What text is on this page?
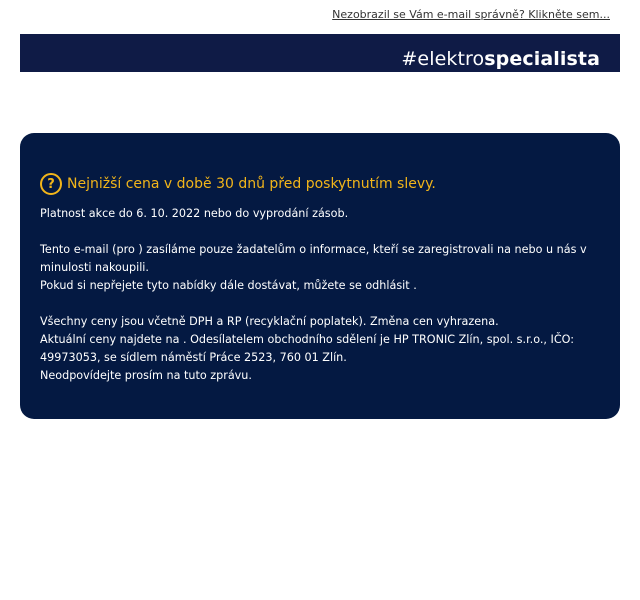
Nezobrazil se Vám e-mail správně? Klikněte sem...
#elektrospecialista
? Nejnižší cena v době 30 dnů před poskytnutím slevy.

Platnost akce do 6. 10. 2022 nebo do vyprodání zásob.

Tento e-mail (pro ) zasíláme pouze žadatelům o informace, kteří se zaregistrovali na nebo u nás v

minulosti nakoupili.

Pokud si nepřejete tyto nabídky dále dostávat, můžete se odhlásit .

Všechny ceny jsou včetně DPH a RP (recyklační poplatek). Změna cen vyhrazena.

Aktuální ceny najdete na . Odesílatelem obchodního sdělení je HP TRONIC Zlín, spol. s.r.o., IČO:

49973053, se sídlem náměstí Práce 2523, 760 01 Zlín.

Neodpovídejte prosím na tuto zprávu.
